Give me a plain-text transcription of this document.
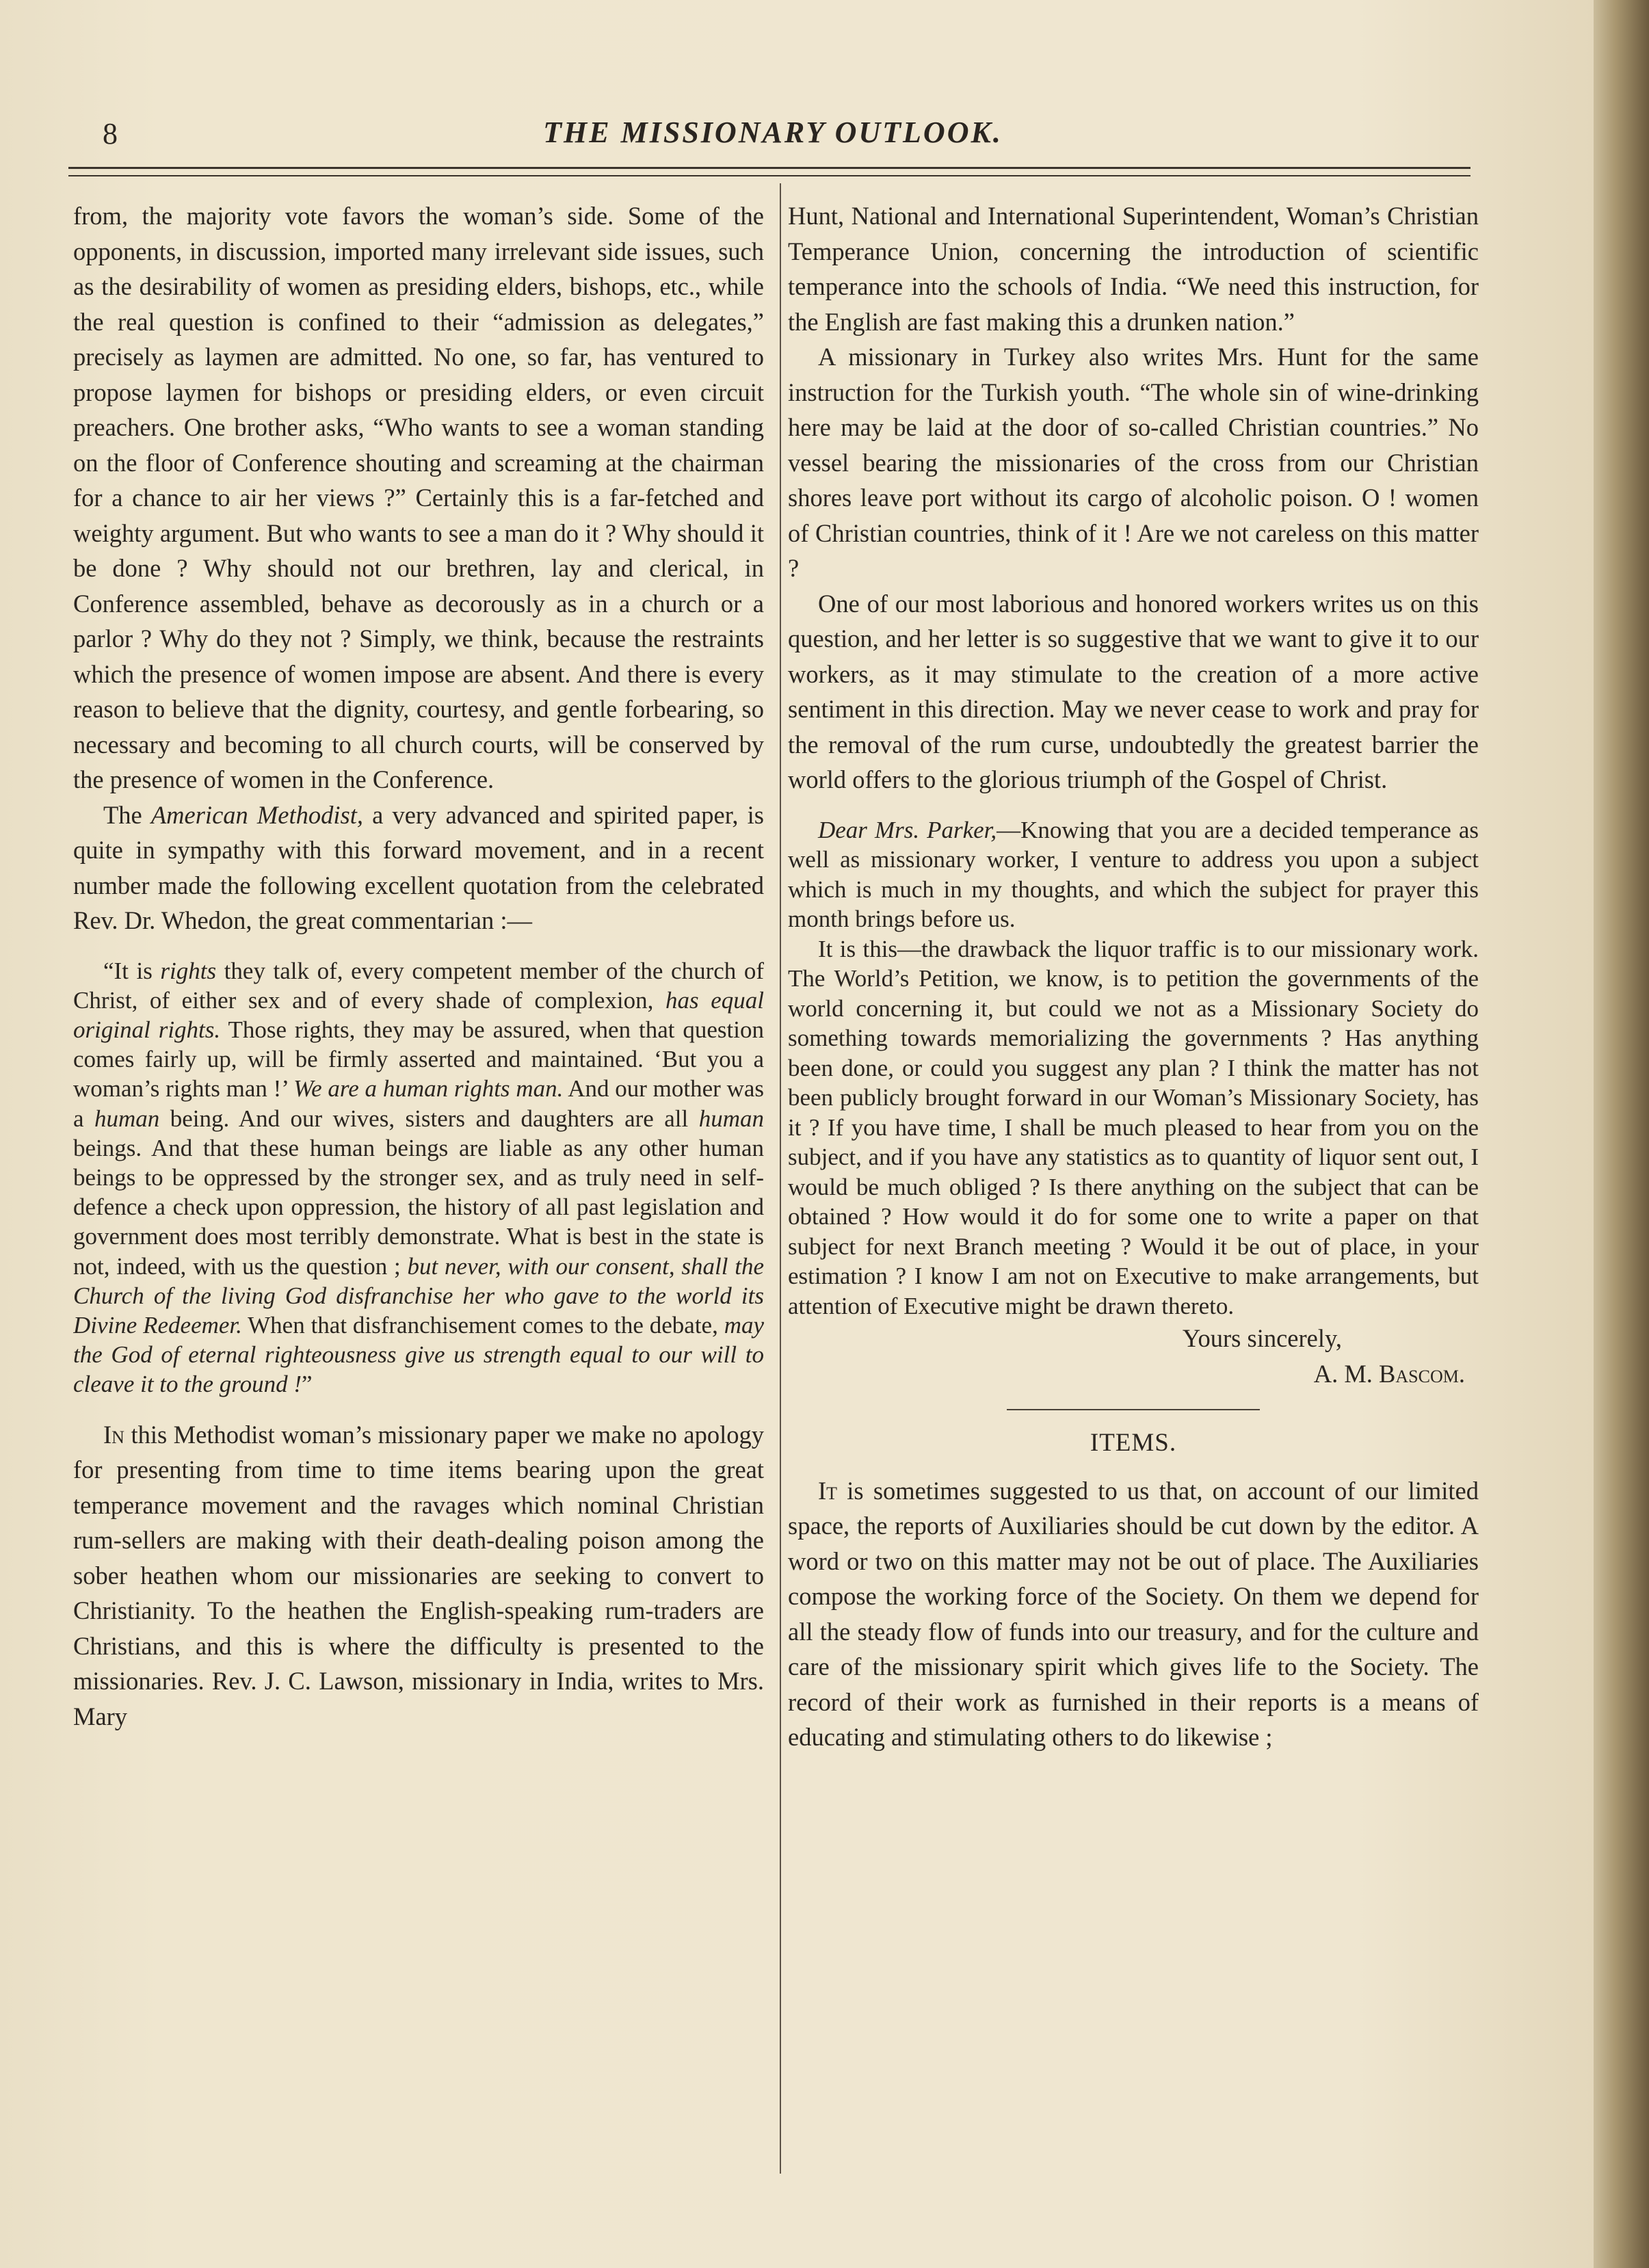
8	THE MISSIONARY OUTLOOK.

from, the majority vote favors the woman’s side. Some of the opponents, in discussion, imported many irrelevant side issues, such as the desirability of women as presiding elders, bishops, etc., while the real question is confined to their “admission as delegates,” precisely as laymen are admitted. No one, so far, has ventured to propose laymen for bishops or presiding elders, or even circuit preachers. One brother asks, “Who wants to see a woman standing on the floor of Conference shouting and screaming at the chairman for a chance to air her views ?” Certainly this is a far-fetched and weighty argument. But who wants to see a man do it ? Why should it be done ? Why should not our brethren, lay and clerical, in Conference assembled, behave as decorously as in a church or a parlor ? Why do they not ? Simply, we think, because the restraints which the presence of women impose are absent. And there is every reason to believe that the dignity, courtesy, and gentle forbearing, so necessary and becoming to all church courts, will be conserved by the presence of women in the Conference.

The American Methodist, a very advanced and spirited paper, is quite in sympathy with this forward movement, and in a recent number made the following excellent quotation from the celebrated Rev. Dr. Whedon, the great commentarian :—

“It is rights they talk of, every competent member of the church of Christ, of either sex and of every shade of complexion, has equal original rights. Those rights, they may be assured, when that question comes fairly up, will be firmly asserted and maintained. ‘But you a woman’s rights man !’ We are a human rights man. And our mother was a human being. And our wives, sisters and daughters are all human beings. And that these human beings are liable as any other human beings to be oppressed by the stronger sex, and as truly need in self-defence a check upon oppression, the history of all past legislation and government does most terribly demonstrate. What is best in the state is not, indeed, with us the question ; but never, with our consent, shall the Church of the living God disfranchise her who gave to the world its Divine Redeemer. When that disfranchisement comes to the debate, may the God of eternal righteousness give us strength equal to our will to cleave it to the ground !”

In this Methodist woman’s missionary paper we make no apology for presenting from time to time items bearing upon the great temperance movement and the ravages which nominal Christian rum-sellers are making with their death-dealing poison among the sober heathen whom our missionaries are seeking to convert to Christianity. To the heathen the English-speaking rum-traders are Christians, and this is where the difficulty is presented to the missionaries. Rev. J. C. Lawson, missionary in India, writes to Mrs. Mary

Hunt, National and International Superintendent, Woman’s Christian Temperance Union, concerning the introduction of scientific temperance into the schools of India. “We need this instruction, for the English are fast making this a drunken nation.”

A missionary in Turkey also writes Mrs. Hunt for the same instruction for the Turkish youth. “The whole sin of wine-drinking here may be laid at the door of so-called Christian countries.” No vessel bearing the missionaries of the cross from our Christian shores leave port without its cargo of alcoholic poison. O ! women of Christian countries, think of it ! Are we not careless on this matter ?

One of our most laborious and honored workers writes us on this question, and her letter is so suggestive that we want to give it to our workers, as it may stimulate to the creation of a more active sentiment in this direction. May we never cease to work and pray for the removal of the rum curse, undoubtedly the greatest barrier the world offers to the glorious triumph of the Gospel of Christ.

Dear Mrs. Parker,—Knowing that you are a decided temperance as well as missionary worker, I venture to address you upon a subject which is much in my thoughts, and which the subject for prayer this month brings before us.

It is this—the drawback the liquor traffic is to our missionary work. The World’s Petition, we know, is to petition the governments of the world concerning it, but could we not as a Missionary Society do something towards memorializing the governments ? Has anything been done, or could you suggest any plan ? I think the matter has not been publicly brought forward in our Woman’s Missionary Society, has it ? If you have time, I shall be much pleased to hear from you on the subject, and if you have any statistics as to quantity of liquor sent out, I would be much obliged ? Is there anything on the subject that can be obtained ? How would it do for some one to write a paper on that subject for next Branch meeting ? Would it be out of place, in your estimation ? I know I am not on Executive to make arrangements, but attention of Executive might be drawn thereto.

Yours sincerely,

A. M. Bascom.

ITEMS.

It is sometimes suggested to us that, on account of our limited space, the reports of Auxiliaries should be cut down by the editor. A word or two on this matter may not be out of place. The Auxiliaries compose the working force of the Society. On them we depend for all the steady flow of funds into our treasury, and for the culture and care of the missionary spirit which gives life to the Society. The record of their work as furnished in their reports is a means of educating and stimulating others to do likewise ;
